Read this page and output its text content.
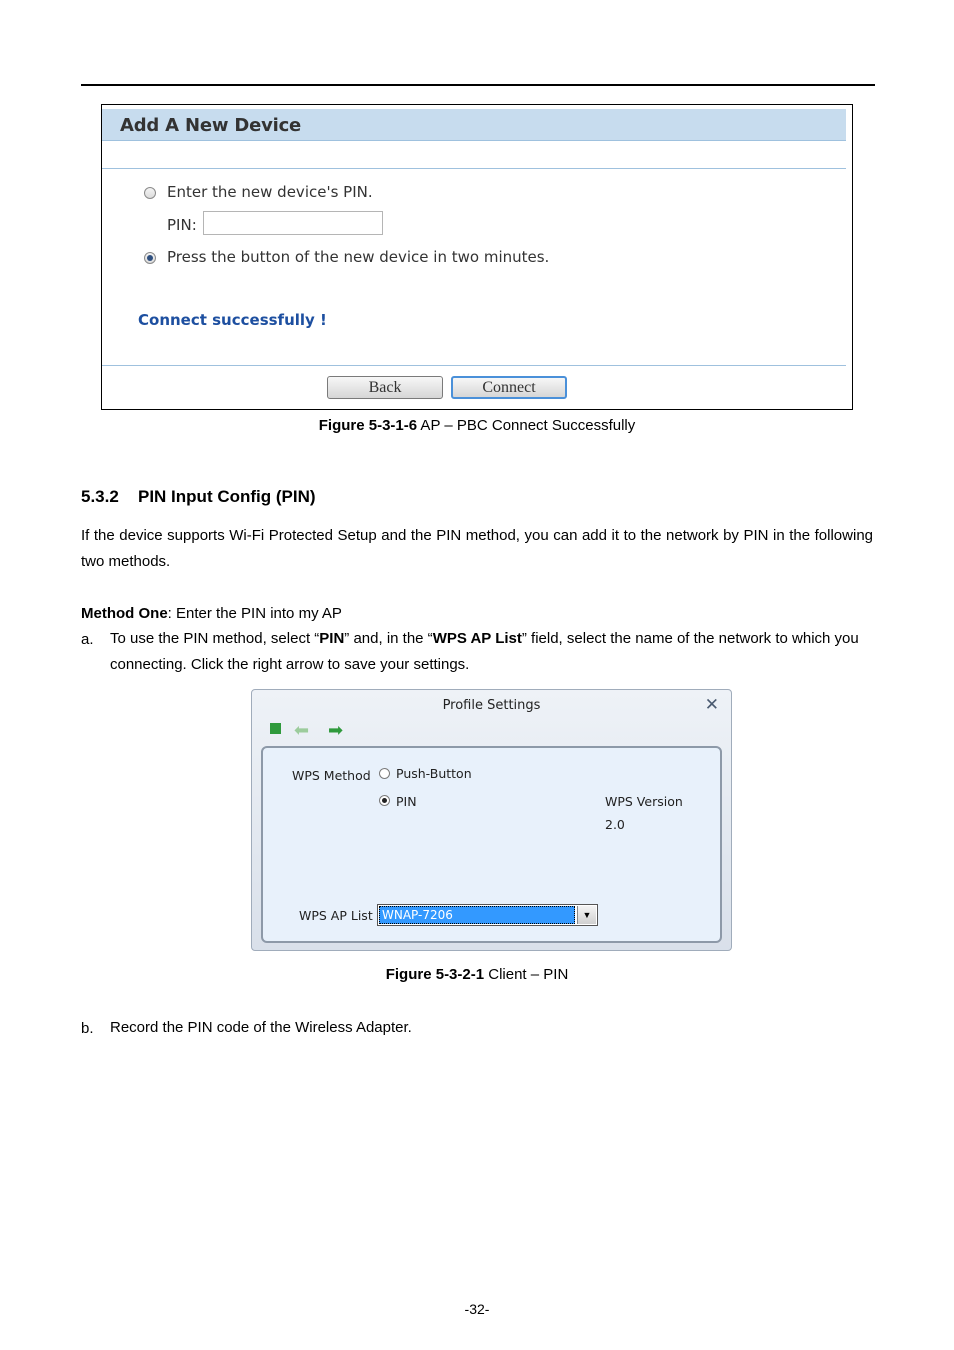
Add A New Device
Enter the new device's PIN.
PIN:
Press the button of the new device in two minutes.
Connect successfully !
Back	Connect
Figure 5-3-1-6 AP – PBC Connect Successfully
5.3.2 PIN Input Config (PIN)
If the device supports Wi-Fi Protected Setup and the PIN method, you can add it to the network by PIN in the following two methods.
Method One: Enter the PIN into my AP
a. To use the PIN method, select “PIN” and, in the “WPS AP List” field, select the name of the network to which you connecting. Click the right arrow to save your settings.
Profile Settings	✕
⬅ ➡
WPS Method Push-Button
PIN	WPS Version
2.0
WPS AP List WNAP-7206	▼
Figure 5-3-2-1 Client – PIN
b. Record the PIN code of the Wireless Adapter.
-32-
